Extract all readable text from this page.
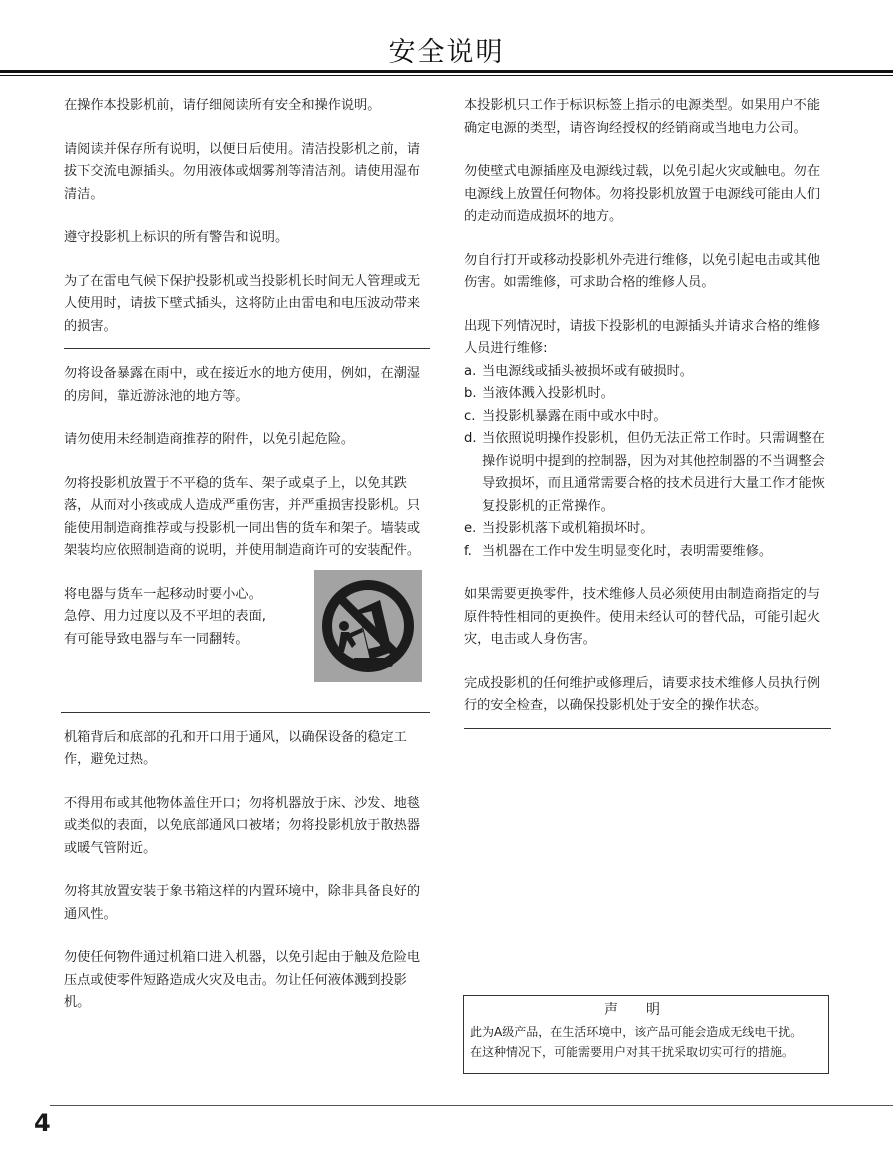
安全说明

在操作本投影机前，请仔细阅读所有安全和操作说明。

请阅读并保存所有说明，以便日后使用。清洁投影机之前，请拔下交流电源插头。勿用液体或烟雾剂等清洁剂。请使用湿布清洁。

遵守投影机上标识的所有警告和说明。

为了在雷电气候下保护投影机或当投影机长时间无人管理或无人使用时，请拔下壁式插头，这将防止由雷电和电压波动带来的损害。

勿将设备暴露在雨中，或在接近水的地方使用，例如，在潮湿的房间，靠近游泳池的地方等。

请勿使用未经制造商推荐的附件，以免引起危险。

勿将投影机放置于不平稳的货车、架子或桌子上，以免其跌落，从而对小孩或成人造成严重伤害，并严重损害投影机。只能使用制造商推荐或与投影机一同出售的货车和架子。墙装或架装均应依照制造商的说明，并使用制造商许可的安装配件。

将电器与货车一起移动时要小心。
急停、用力过度以及不平坦的表面,
有可能导致电器与车一同翻转。

机箱背后和底部的孔和开口用于通风，以确保设备的稳定工作，避免过热。

不得用布或其他物体盖住开口；勿将机器放于床、沙发、地毯或类似的表面，以免底部通风口被堵；勿将投影机放于散热器或暖气管附近。

勿将其放置安装于象书箱这样的内置环境中，除非具备良好的通风性。

勿使任何物件通过机箱口进入机器，以免引起由于触及危险电压点或使零件短路造成火灾及电击。勿让任何液体溅到投影机。

本投影机只工作于标识标签上指示的电源类型。如果用户不能确定电源的类型，请咨询经授权的经销商或当地电力公司。

勿使壁式电源插座及电源线过载，以免引起火灾或触电。勿在电源线上放置任何物体。勿将投影机放置于电源线可能由人们的走动而造成损坏的地方。

勿自行打开或移动投影机外壳进行维修，以免引起电击或其他伤害。如需维修，可求助合格的维修人员。

出现下列情况时，请拔下投影机的电源插头并请求合格的维修人员进行维修:

a. 当电源线或插头被损坏或有破损时。
b. 当液体溅入投影机时。
c. 当投影机暴露在雨中或水中时。
d. 当依照说明操作投影机，但仍无法正常工作时。只需调整在操作说明中提到的控制器，因为对其他控制器的不当调整会导致损坏，而且通常需要合格的技术员进行大量工作才能恢复投影机的正常操作。
e. 当投影机落下或机箱损坏时。
f. 当机器在工作中发生明显变化时，表明需要维修。

如果需要更换零件，技术维修人员必须使用由制造商指定的与原件特性相同的更换件。使用未经认可的替代品，可能引起火灾，电击或人身伤害。

完成投影机的任何维护或修理后，请要求技术维修人员执行例行的安全检查，以确保投影机处于安全的操作状态。

声明
此为A级产品，在生活环境中，该产品可能会造成无线电干扰。
在这种情况下，可能需要用户对其干扰采取切实可行的措施。
4
